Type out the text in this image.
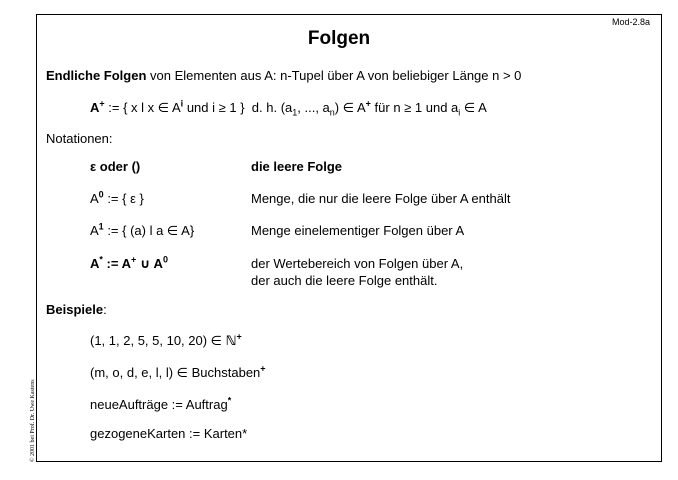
Mod-2.8a
Folgen
Endliche Folgen von Elementen aus A: n-Tupel über A von beliebiger Länge n > 0
A+ := { x l x ∈ $A^i$ und i ≥ 1 } d. h. ($a_1$, ..., $a_n$) ∈ A+ für n ≥ 1 und $a_i$ ∈ A
Notationen:
ε oder ()	die leere Folge
$A^0$ := { ε }	Menge, die nur die leere Folge über A enthält
$A^1$ := { (a) l a ∈ A}	Menge einelementiger Folgen über A
A* := A+ ∪ $A^0$	der Wertebereich von Folgen über A,
der auch die leere Folge enthält.
Beispiele:
(1, 1, 2, 5, 5, 10, 20) ∈ ℕ+
(m, o, d, e, l, l) ∈ Buchstaben+
neueAufträge := Auftrag*
gezogeneKarten := Karten*
© 2001 bei Prof. Dr. Uwe Kastens
